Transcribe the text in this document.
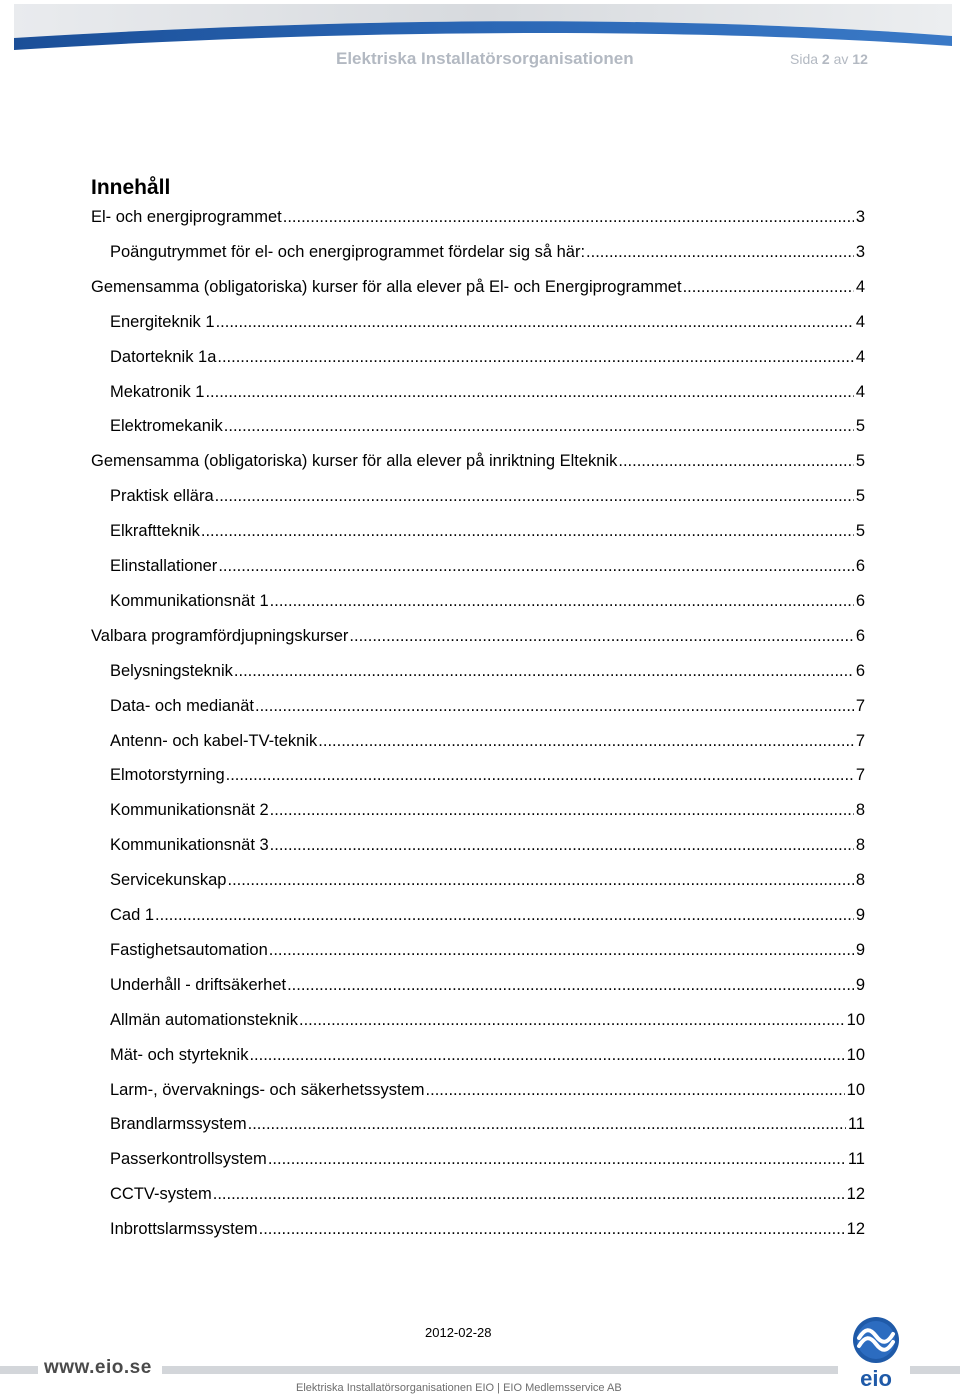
Elektriska Installatörsorganisationen	Sida 2 av 12
Innehåll
El- och energiprogrammet .....	3
Poängutrymmet för el- och energiprogrammet fördelar sig så här: .....	3
Gemensamma (obligatoriska) kurser för alla elever på El- och Energiprogrammet .....	4
Energiteknik 1 .....	4
Datorteknik 1a .....	4
Mekatronik 1 .....	4
Elektromekanik .....	5
Gemensamma (obligatoriska) kurser för alla elever på inriktning Elteknik .....	5
Praktisk ellära .....	5
Elkraftteknik .....	5
Elinstallationer .....	6
Kommunikationsnät 1 .....	6
Valbara programfördjupningskurser .....	6
Belysningsteknik .....	6
Data- och medianät .....	7
Antenn- och kabel-TV-teknik .....	7
Elmotorstyrning .....	7
Kommunikationsnät 2 .....	8
Kommunikationsnät 3 .....	8
Servicekunskap .....	8
Cad 1 .....	9
Fastighetsautomation .....	9
Underhåll - driftsäkerhet .....	9
Allmän automationsteknik .....	10
Mät- och styrteknik .....	10
Larm-, övervaknings- och säkerhetssystem .....	10
Brandlarmssystem .....	11
Passerkontrollsystem .....	11
CCTV-system .....	12
Inbrottslarmssystem .....	12
2012-02-28
www.eio.se
Elektriska Installatörsorganisationen EIO | EIO Medlemsservice AB	eio
